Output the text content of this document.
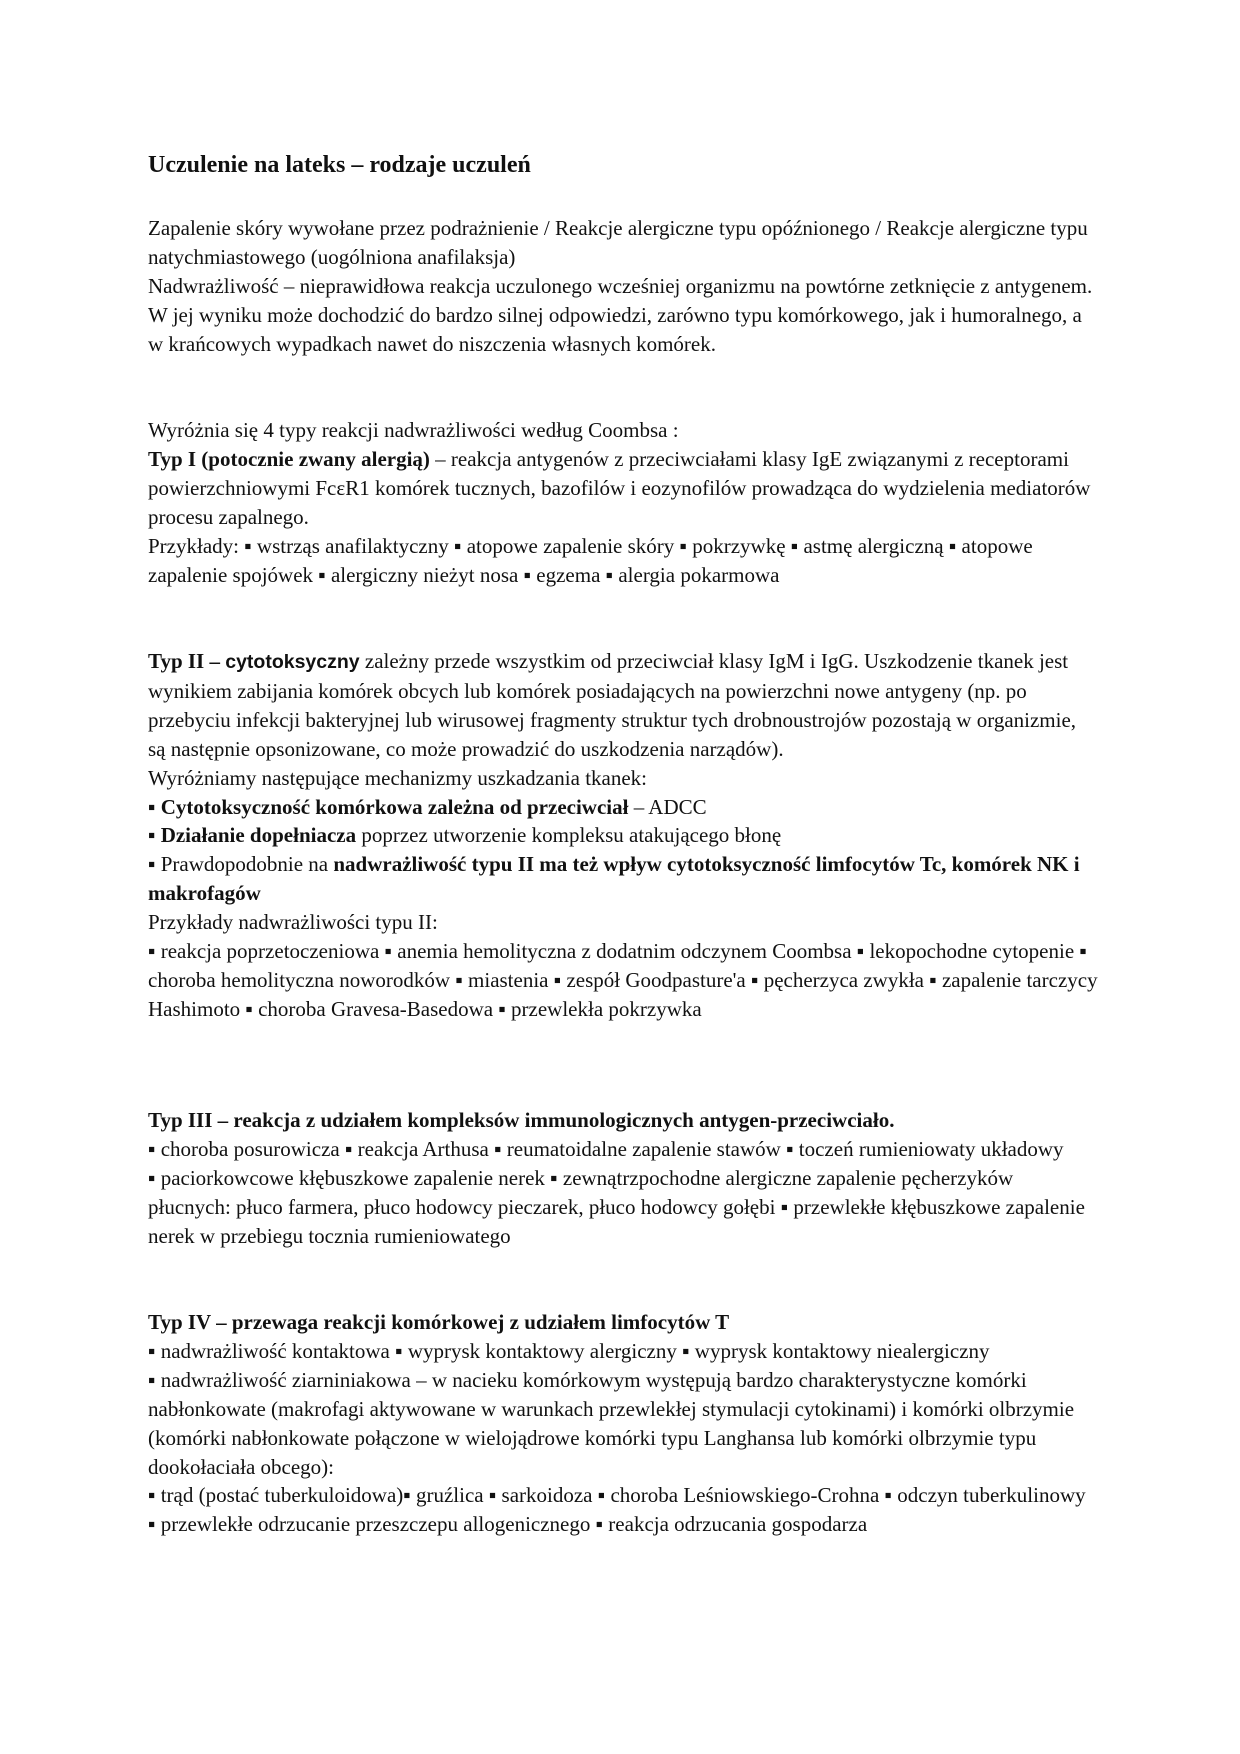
Uczulenie na lateks – rodzaje uczuleń

Zapalenie skóry wywołane przez podrażnienie / Reakcje alergiczne typu opóźnionego / Reakcje alergiczne typu natychmiastowego (uogólniona anafilaksja)

Nadwrażliwość – nieprawidłowa reakcja uczulonego wcześniej organizmu na powtórne zetknięcie z antygenem. W jej wyniku może dochodzić do bardzo silnej odpowiedzi, zarówno typu komórkowego, jak i humoralnego, a w krańcowych wypadkach nawet do niszczenia własnych komórek.

Wyróżnia się 4 typy reakcji nadwrażliwości według Coombsa :

Typ I (potocznie zwany alergią) – reakcja antygenów z przeciwciałami klasy IgE związanymi z receptorami powierzchniowymi FcεR1 komórek tucznych, bazofilów i eozynofilów prowadząca do wydzielenia mediatorów procesu zapalnego.

Przykłady: ▪ wstrząs anafilaktyczny ▪ atopowe zapalenie skóry ▪ pokrzywkę ▪ astmę alergiczną ▪ atopowe zapalenie spojówek ▪ alergiczny nieżyt nosa ▪ egzema ▪ alergia pokarmowa

Typ II – cytotoksyczny zależny przede wszystkim od przeciwciał klasy IgM i IgG. Uszkodzenie tkanek jest wynikiem zabijania komórek obcych lub komórek posiadających na powierzchni nowe antygeny (np. po przebyciu infekcji bakteryjnej lub wirusowej fragmenty struktur tych drobnoustrojów pozostają w organizmie, są następnie opsonizowane, co może prowadzić do uszkodzenia narządów).

Wyróżniamy następujące mechanizmy uszkadzania tkanek:

▪ Cytotoksyczność komórkowa zależna od przeciwciał – ADCC

▪ Działanie dopełniacza poprzez utworzenie kompleksu atakującego błonę

▪ Prawdopodobnie na nadwrażliwość typu II ma też wpływ cytotoksyczność limfocytów Tc, komórek NK i makrofagów

Przykłady nadwrażliwości typu II:

▪ reakcja poprzetoczeniowa ▪ anemia hemolityczna z dodatnim odczynem Coombsa ▪ lekopochodne cytopenie ▪ choroba hemolityczna noworodków ▪ miastenia ▪ zespół Goodpasture'a ▪ pęcherzyca zwykła ▪ zapalenie tarczycy Hashimoto ▪ choroba Gravesa-Basedowa ▪ przewlekła pokrzywka

Typ III – reakcja z udziałem kompleksów immunologicznych antygen-przeciwciało.

▪ choroba posurowicza ▪ reakcja Arthusa ▪ reumatoidalne zapalenie stawów ▪ toczeń rumieniowaty układowy

▪ paciorkowcowe kłębuszkowe zapalenie nerek ▪ zewnątrzpochodne alergiczne zapalenie pęcherzyków płucnych: płuco farmera, płuco hodowcy pieczarek, płuco hodowcy gołębi ▪ przewlekłe kłębuszkowe zapalenie nerek w przebiegu tocznia rumieniowatego

Typ IV – przewaga reakcji komórkowej z udziałem limfocytów T

▪ nadwrażliwość kontaktowa ▪ wyprysk kontaktowy alergiczny ▪ wyprysk kontaktowy niealergiczny

▪ nadwrażliwość ziarniniakowa – w nacieku komórkowym występują bardzo charakterystyczne komórki nabłonkowate (makrofagi aktywowane w warunkach przewlekłej stymulacji cytokinami) i komórki olbrzymie (komórki nabłonkowate połączone w wielojądrowe komórki typu Langhansa lub komórki olbrzymie typu dookołaciała obcego):

▪ trąd (postać tuberkuloidowa)▪ gruźlica ▪ sarkoidoza ▪ choroba Leśniowskiego-Crohna ▪ odczyn tuberkulinowy

▪ przewlekłe odrzucanie przeszczepu allogenicznego ▪ reakcja odrzucania gospodarza
